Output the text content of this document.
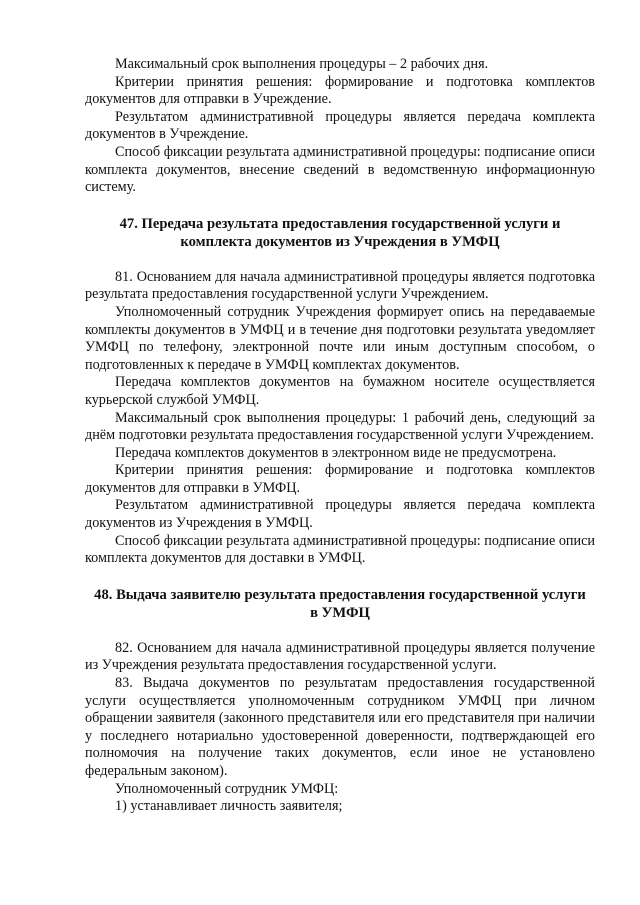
Максимальный срок выполнения процедуры – 2 рабочих дня.

Критерии принятия решения: формирование и подготовка комплектов документов для отправки в Учреждение.

Результатом административной процедуры является передача комплекта документов в Учреждение.

Способ фиксации результата административной процедуры: подписание описи комплекта документов, внесение сведений в ведомственную информационную систему.

47. Передача результата предоставления государственной услуги и комплекта документов из Учреждения в УМФЦ

81. Основанием для начала административной процедуры является подготовка результата предоставления государственной услуги Учреждением.

Уполномоченный сотрудник Учреждения формирует опись на передаваемые комплекты документов в УМФЦ и в течение дня подготовки результата уведомляет УМФЦ по телефону, электронной почте или иным доступным способом, о подготовленных к передаче в УМФЦ комплектах документов.

Передача комплектов документов на бумажном носителе осуществляется курьерской службой УМФЦ.

Максимальный срок выполнения процедуры: 1 рабочий день, следующий за днём подготовки результата предоставления государственной услуги Учреждением.

Передача комплектов документов в электронном виде не предусмотрена.

Критерии принятия решения: формирование и подготовка комплектов документов для отправки в УМФЦ.

Результатом административной процедуры является передача комплекта документов из Учреждения в УМФЦ.

Способ фиксации результата административной процедуры: подписание описи комплекта документов для доставки в УМФЦ.

48. Выдача заявителю результата предоставления государственной услуги в УМФЦ

82. Основанием для начала административной процедуры является получение из Учреждения результата предоставления государственной услуги.

83. Выдача документов по результатам предоставления государственной услуги осуществляется уполномоченным сотрудником УМФЦ при личном обращении заявителя (законного представителя или его представителя при наличии у последнего нотариально удостоверенной доверенности, подтверждающей его полномочия на получение таких документов, если иное не установлено федеральным законом).

Уполномоченный сотрудник УМФЦ:

1) устанавливает личность заявителя;
